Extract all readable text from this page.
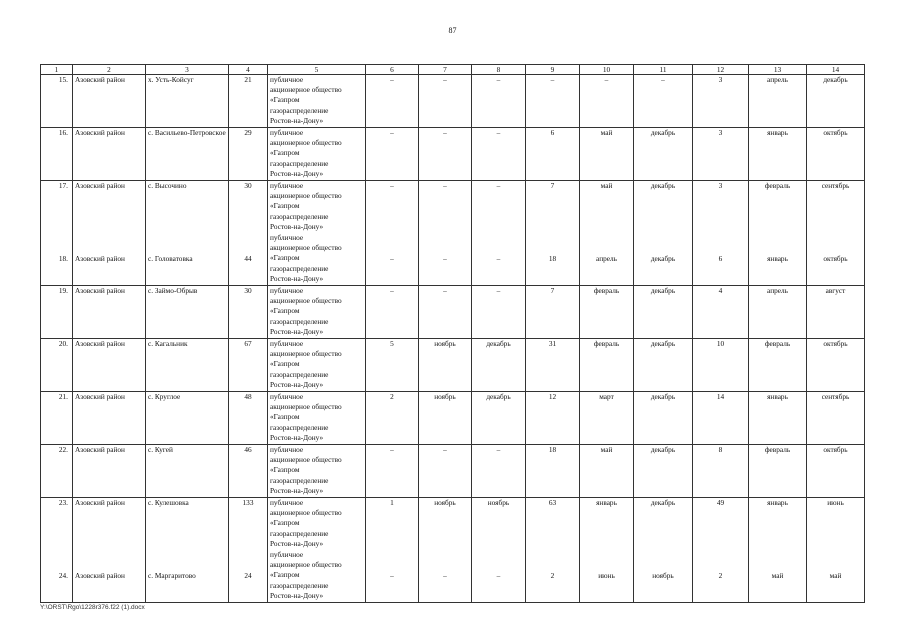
87
1	2	3	4	5	6	7	8	9	10	11	12	13	14
15.	Азовский район	х. Усть-Койсуг	21	публичное
акционерное общество
«Газпром
газораспределение
Ростов-на-Дону»	–	–	–	–	–	–	3	апрель	декабрь
16.	Азовский район	с. Васильево-Петровское	29	публичное
акционерное общество
«Газпром
газораспределение
Ростов-на-Дону»	–	–	–	6	май	декабрь	3	январь	октябрь
17.	Азовский район	с. Высочино	30	публичное
акционерное общество
«Газпром
газораспределение
Ростов-на-Дону»	–	–	–	7	май	декабрь	3	февраль	сентябрь
18.	Азовский район	с. Головатовка	44	публичное
акционерное общество
«Газпром
газораспределение
Ростов-на-Дону»	–	–	–	18	апрель	декабрь	6	январь	октябрь
19.	Азовский район	с. Займо-Обрыв	30	публичное
акционерное общество
«Газпром
газораспределение
Ростов-на-Дону»	–	–	–	7	февраль	декабрь	4	апрель	август
20.	Азовский район	с. Кагальник	67	публичное
акционерное общество
«Газпром
газораспределение
Ростов-на-Дону»	5	ноябрь	декабрь	31	февраль	декабрь	10	февраль	октябрь
21.	Азовский район	с. Круглое	48	публичное
акционерное общество
«Газпром
газораспределение
Ростов-на-Дону»	2	ноябрь	декабрь	12	март	декабрь	14	январь	сентябрь
22.	Азовский район	с. Кугей	46	публичное
акционерное общество
«Газпром
газораспределение
Ростов-на-Дону»	–	–	–	18	май	декабрь	8	февраль	октябрь
23.	Азовский район	с. Кулешовка	133	публичное
акционерное общество
«Газпром
газораспределение
Ростов-на-Дону»	1	ноябрь	ноябрь	63	январь	декабрь	49	январь	июнь
24.	Азовский район	с. Маргаритово	24	публичное
акционерное общество
«Газпром
газораспределение
Ростов-на-Дону»	–	–	–	2	июнь	ноябрь	2	май	май
Y:\ORST\Rgo\1228r376.f22 (1).docx
